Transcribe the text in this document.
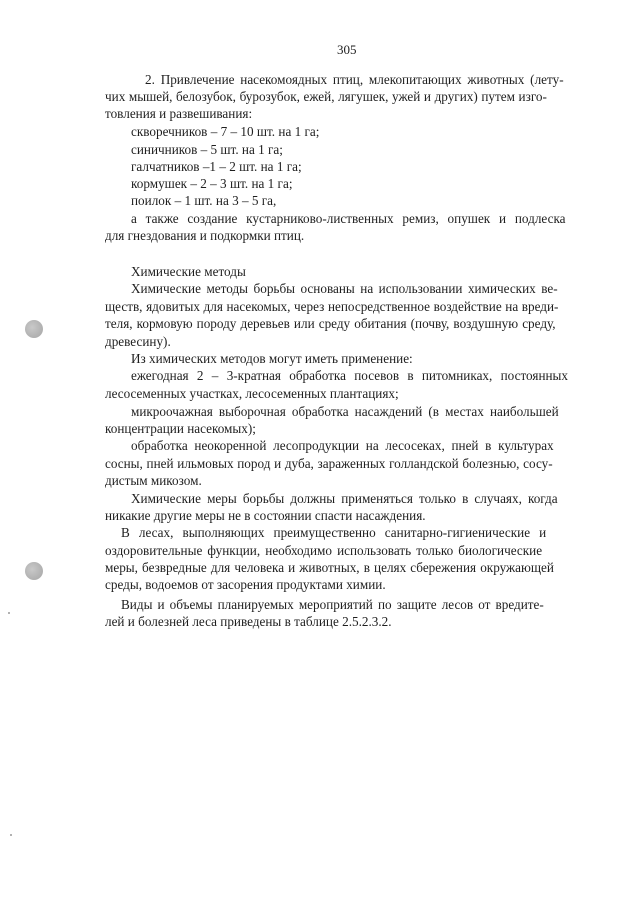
305
2. Привлечение насекомоядных птиц, млекопитающих животных (лету-
чих мышей, белозубок, бурозубок, ежей, лягушек, ужей и других) путем изго-
товления и развешивания:
скворечников – 7 – 10 шт. на 1 га;
синичников – 5 шт. на 1 га;
галчатников –1 – 2 шт. на 1 га;
кормушек – 2 – 3 шт. на 1 га;
поилок – 1 шт. на 3 – 5 га,
а также создание кустарниково-лиственных ремиз, опушек и подлеска
для гнездования и подкормки птиц.
Химические методы
Химические методы борьбы основаны на использовании химических ве-
ществ, ядовитых для насекомых, через непосредственное воздействие на вреди-
теля, кормовую породу деревьев или среду обитания (почву, воздушную среду,
древесину).
Из химических методов могут иметь применение:
ежегодная 2 – 3-кратная обработка посевов в питомниках, постоянных
лесосеменных участках, лесосеменных плантациях;
микроочажная выборочная обработка насаждений (в местах наибольшей
концентрации насекомых);
обработка неокоренной лесопродукции на лесосеках, пней в культурах
сосны, пней ильмовых пород и дуба, зараженных голландской болезнью, сосу-
дистым микозом.
Химические меры борьбы должны применяться только в случаях, когда
никакие другие меры не в состоянии спасти насаждения.
В лесах, выполняющих преимущественно санитарно-гигиенические и
оздоровительные функции, необходимо использовать только биологические
меры, безвредные для человека и животных, в целях сбережения окружающей
среды, водоемов от засорения продуктами химии.
Виды и объемы планируемых мероприятий по защите лесов от вредите-
лей и болезней леса приведены в таблице 2.5.2.3.2.
